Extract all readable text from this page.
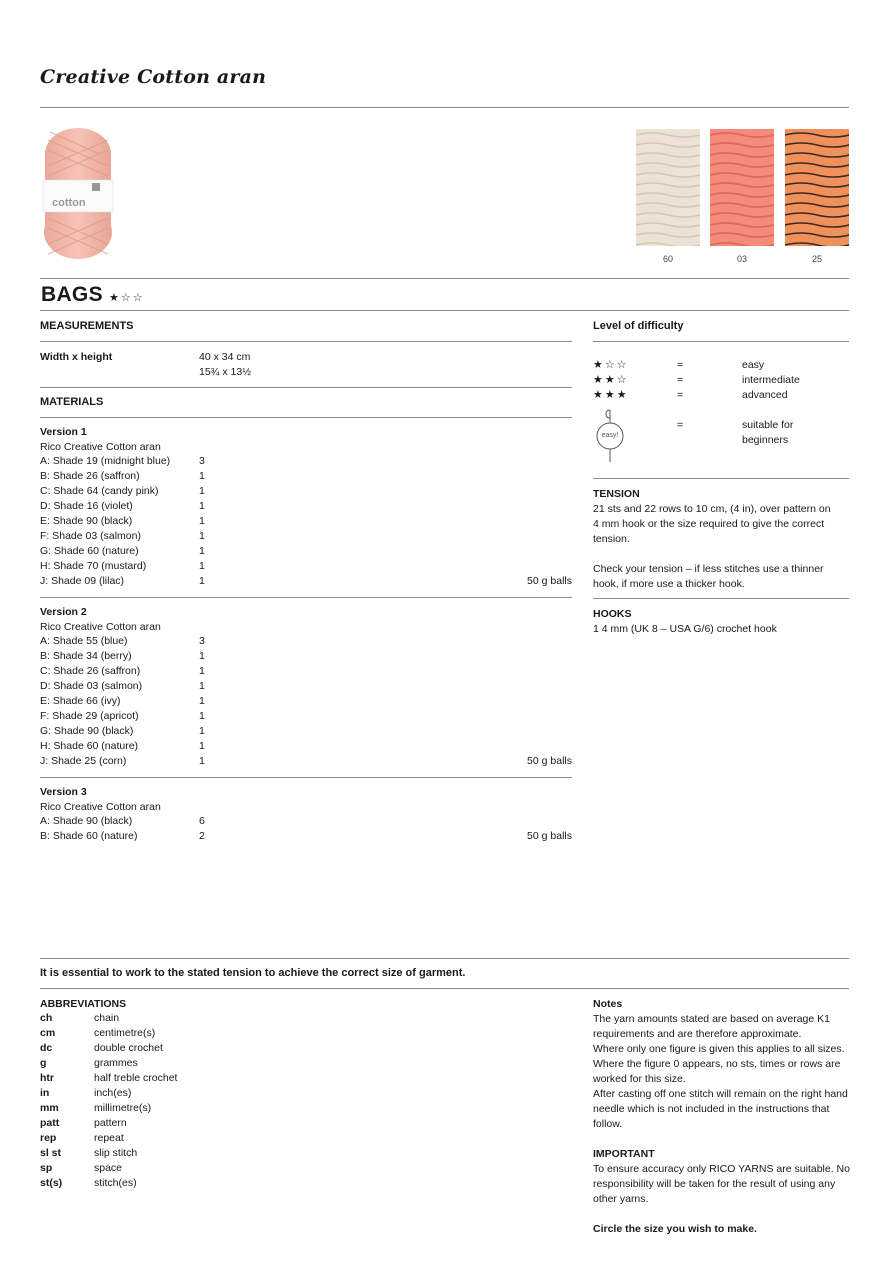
Creative Cotton aran
cotton
60	03	25
BAGS ★☆☆
MEASUREMENTS
Width x height	40 x 34 cm
15¾ x 13½
MATERIALS
Version 1
Rico Creative Cotton aran
A: Shade 19 (midnight blue)	3
B: Shade 26 (saffron)	1
C: Shade 64 (candy pink)	1
D: Shade 16 (violet)	1
E: Shade 90 (black)	1
F: Shade 03 (salmon)	1
G: Shade 60 (nature)	1
H: Shade 70 (mustard)	1
J: Shade 09 (lilac)	1	50 g balls
Version 2
Rico Creative Cotton aran
A: Shade 55 (blue)	3
B: Shade 34 (berry)	1
C: Shade 26 (saffron)	1
D: Shade 03 (salmon)	1
E: Shade 66 (ivy)	1
F: Shade 29 (apricot)	1
G: Shade 90 (black)	1
H: Shade 60 (nature)	1
J: Shade 25 (corn)	1	50 g balls
Version 3
Rico Creative Cotton aran
A: Shade 90 (black)	6
B: Shade 60 (nature)	2	50 g balls
Level of difficulty
★☆☆	=	easy
★★☆	=	intermediate
★★★	=	advanced
easy!
=	suitable for
beginners
TENSION
21 sts and 22 rows to 10 cm, (4 in), over pattern on
4 mm hook or the size required to give the correct
tension.
Check your tension – if less stitches use a thinner
hook, if more use a thicker hook.
HOOKS
1 4 mm (UK 8 – USA G/6) crochet hook
It is essential to work to the stated tension to achieve the correct size of garment.
ABBREVIATIONS
ch	chain
cm	centimetre(s)
dc	double crochet
g	grammes
htr	half treble crochet
in	inch(es)
mm	millimetre(s)
patt	pattern
rep	repeat
sl st	slip stitch
sp	space
st(s)	stitch(es)
Notes
The yarn amounts stated are based on average K1
requirements and are therefore approximate.
Where only one figure is given this applies to all sizes.
Where the figure 0 appears, no sts, times or rows are
worked for this size.
After casting off one stitch will remain on the right hand
needle which is not included in the instructions that
follow.
IMPORTANT
To ensure accuracy only RICO YARNS are suitable. No
responsibility will be taken for the result of using any
other yarns.
Circle the size you wish to make.
